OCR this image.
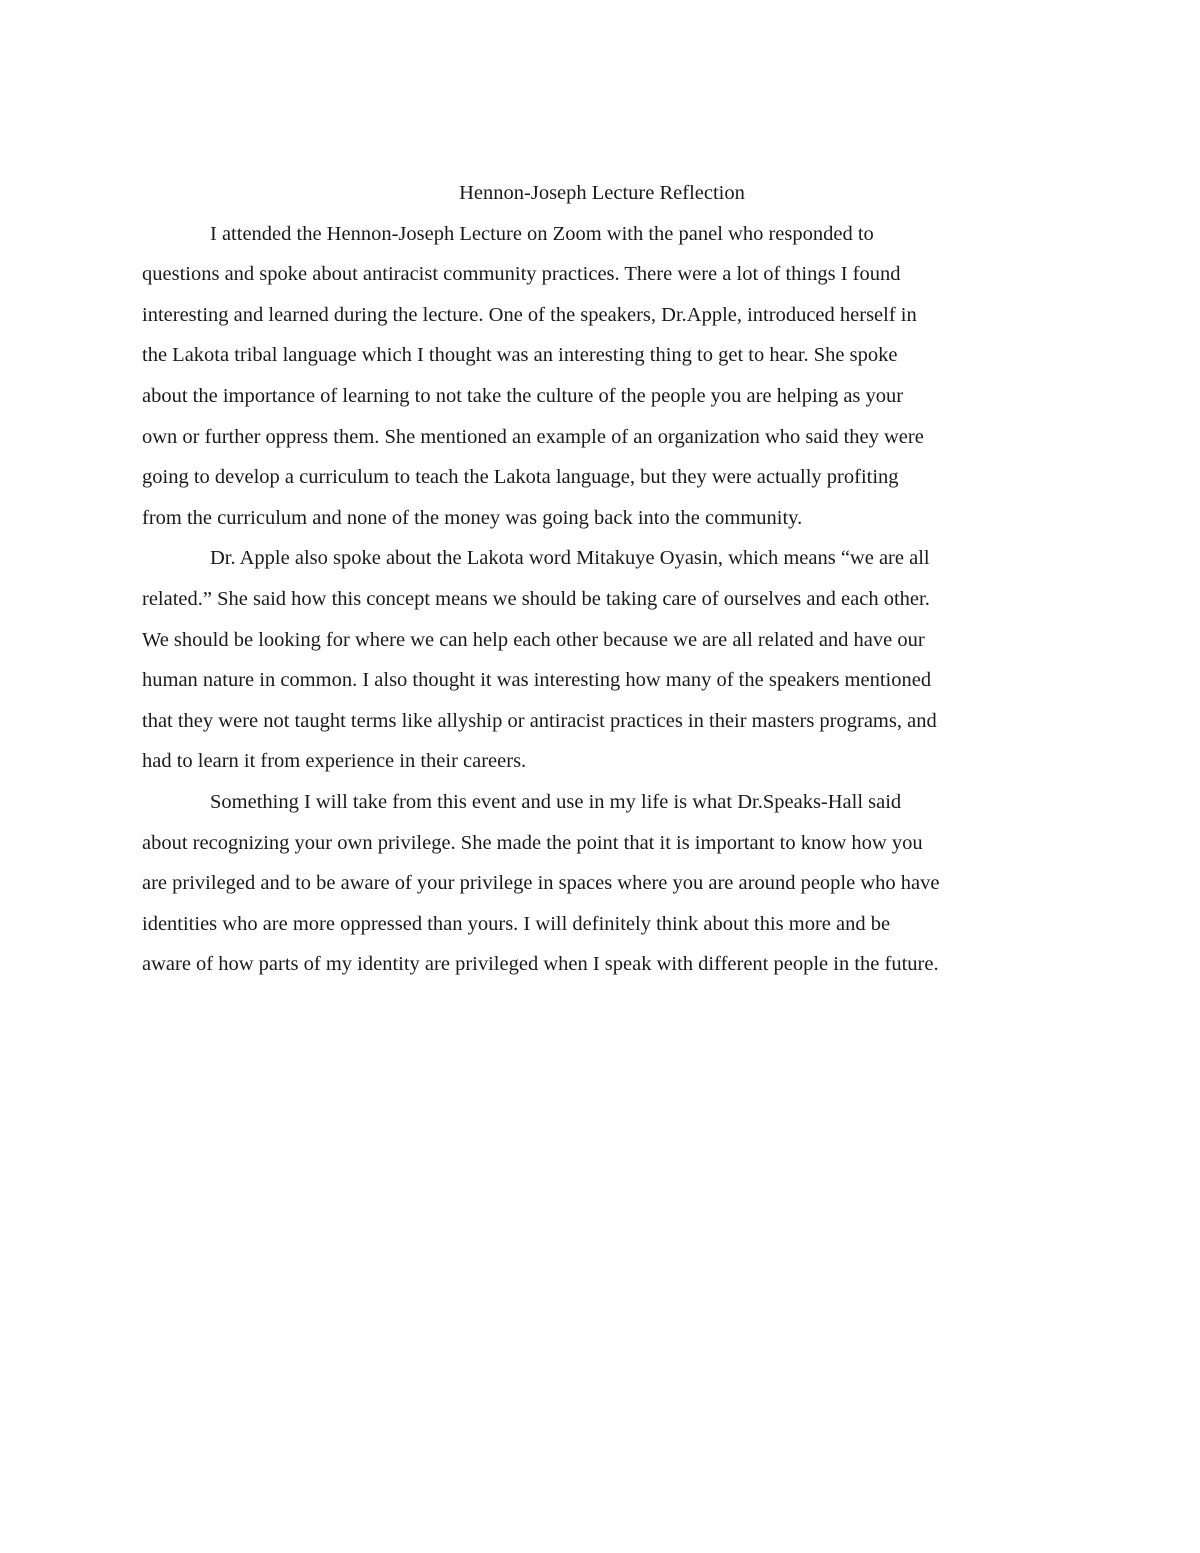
Hennon-Joseph Lecture Reflection

I attended the Hennon-Joseph Lecture on Zoom with the panel who responded to
questions and spoke about antiracist community practices. There were a lot of things I found
interesting and learned during the lecture. One of the speakers, Dr.Apple, introduced herself in
the Lakota tribal language which I thought was an interesting thing to get to hear. She spoke
about the importance of learning to not take the culture of the people you are helping as your
own or further oppress them. She mentioned an example of an organization who said they were
going to develop a curriculum to teach the Lakota language, but they were actually profiting
from the curriculum and none of the money was going back into the community.

Dr. Apple also spoke about the Lakota word Mitakuye Oyasin, which means “we are all
related.” She said how this concept means we should be taking care of ourselves and each other.
We should be looking for where we can help each other because we are all related and have our
human nature in common. I also thought it was interesting how many of the speakers mentioned
that they were not taught terms like allyship or antiracist practices in their masters programs, and
had to learn it from experience in their careers.

Something I will take from this event and use in my life is what Dr.Speaks-Hall said
about recognizing your own privilege. She made the point that it is important to know how you
are privileged and to be aware of your privilege in spaces where you are around people who have
identities who are more oppressed than yours. I will definitely think about this more and be
aware of how parts of my identity are privileged when I speak with different people in the future.
